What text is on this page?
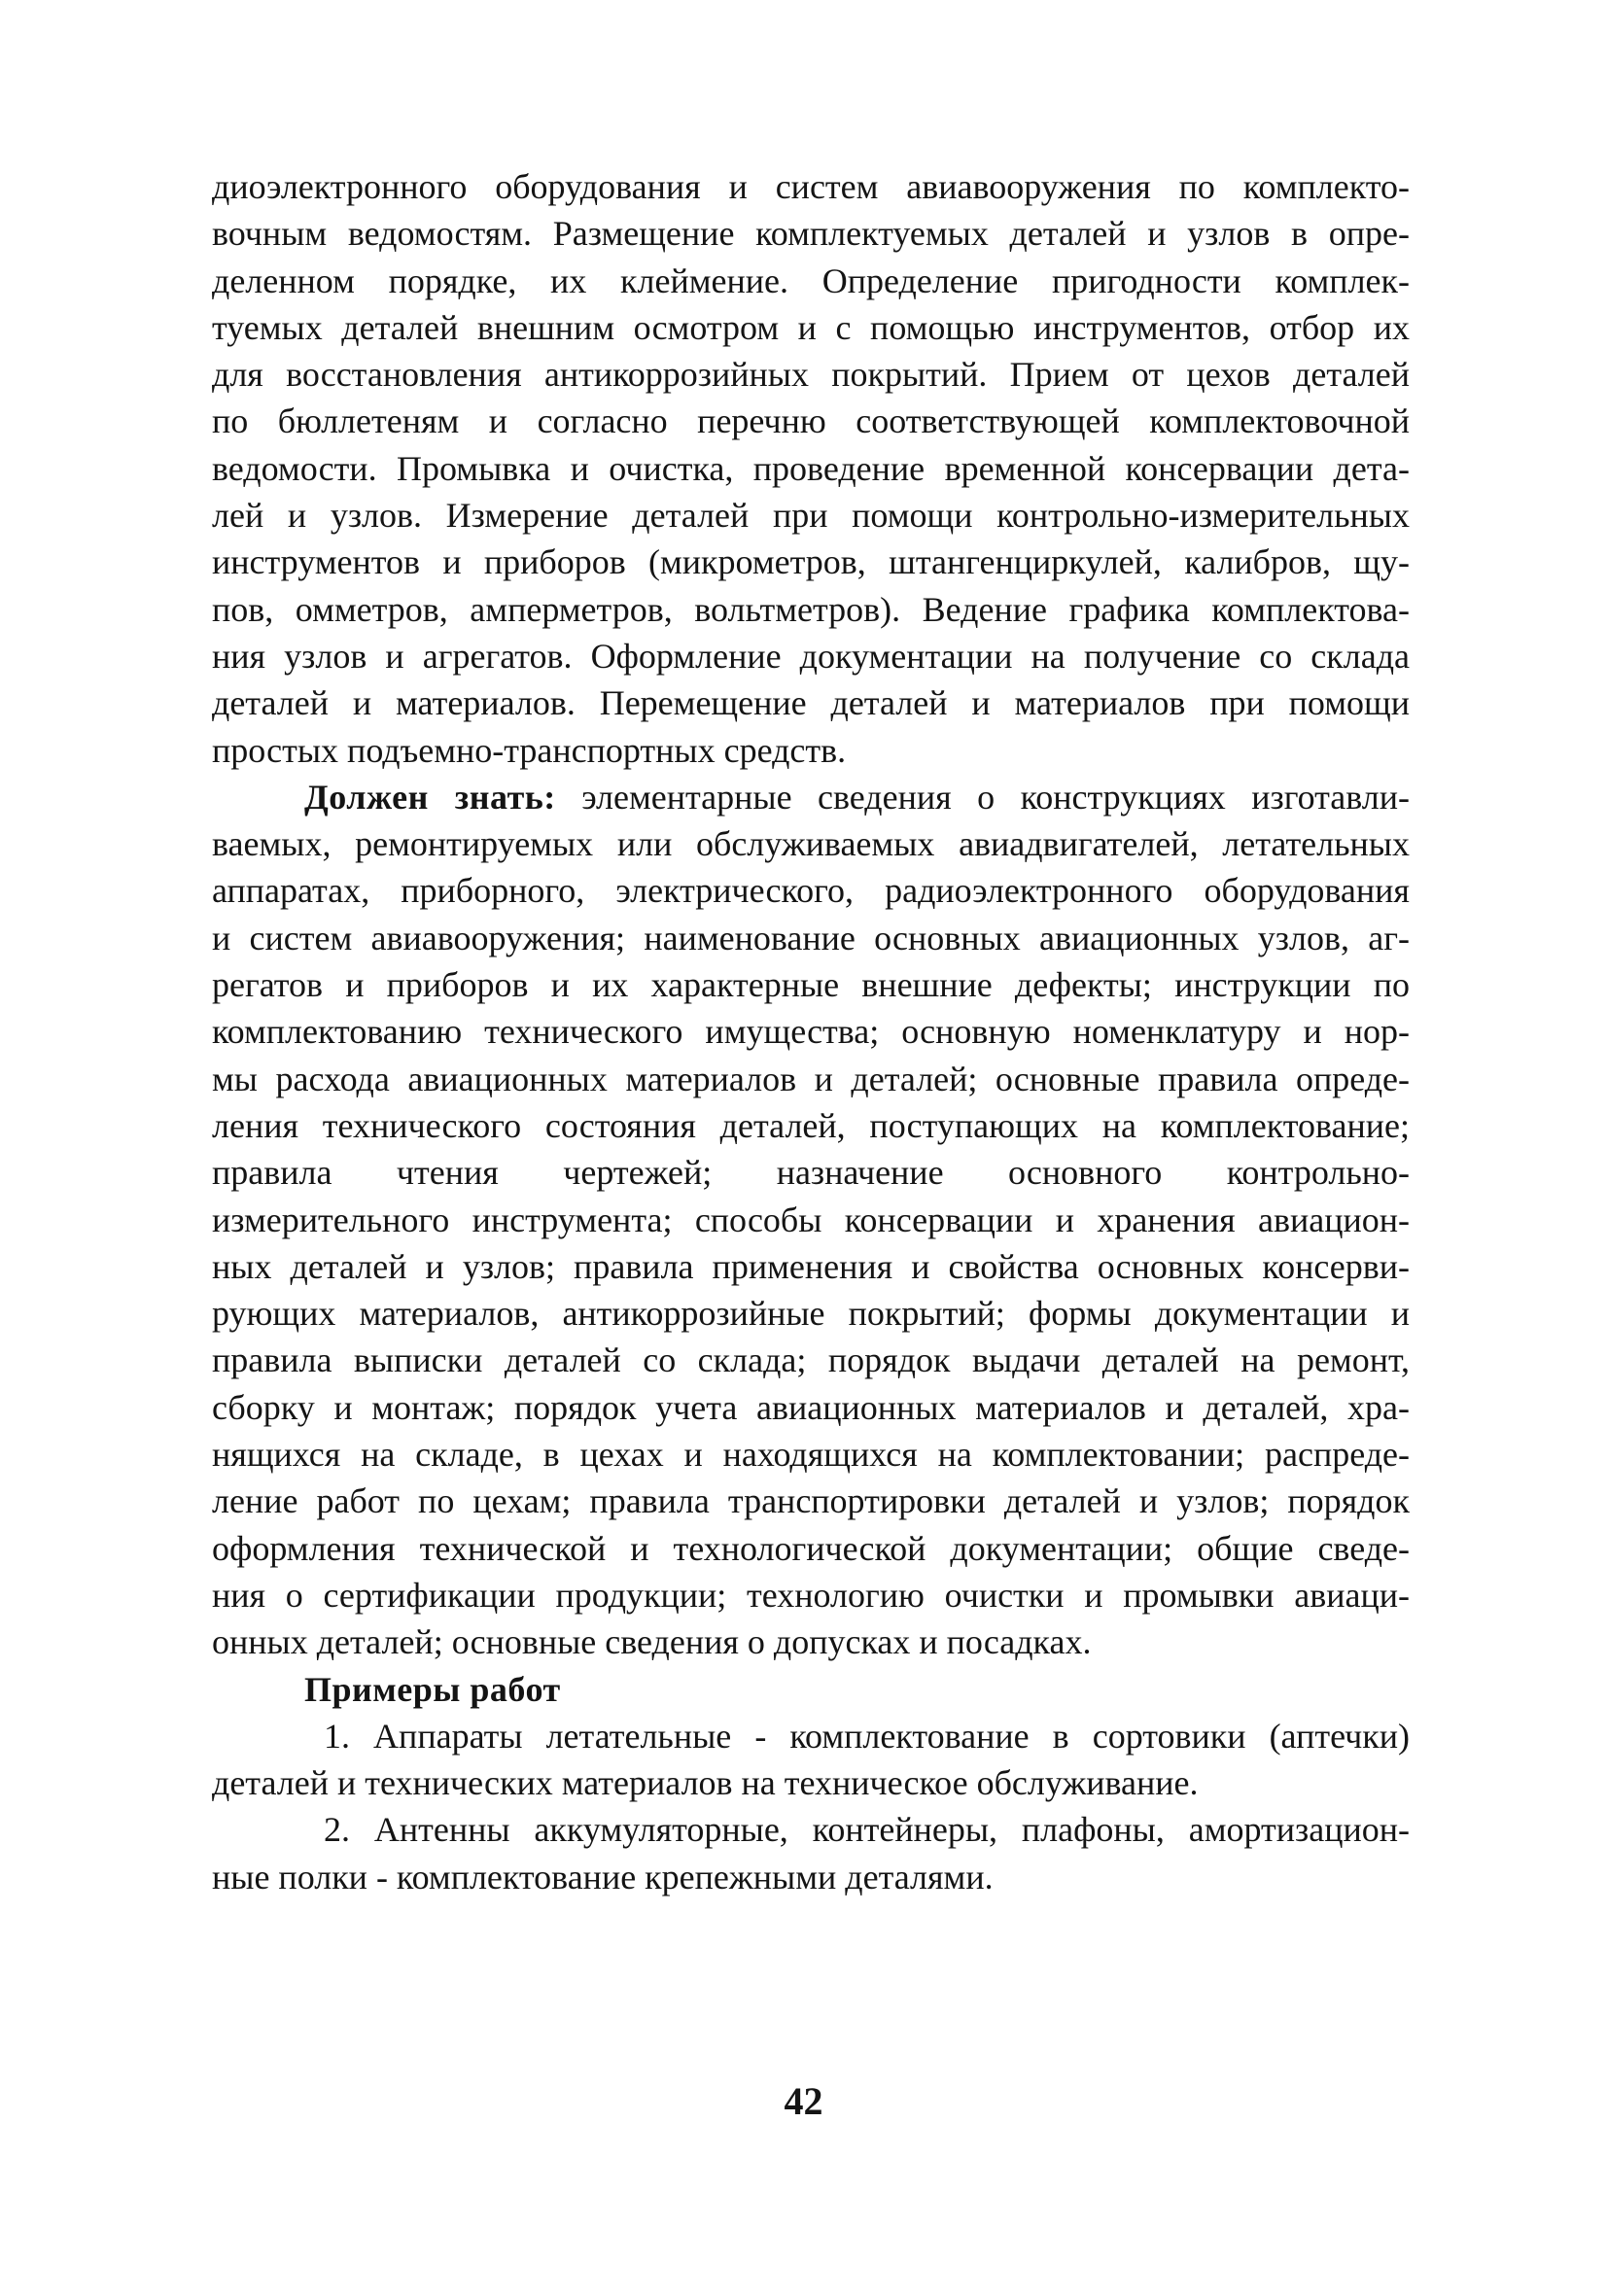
диоэлектронного оборудования и систем авиавооружения по комплекто-
вочным ведомостям. Размещение комплектуемых деталей и узлов в опре-
деленном порядке, их клеймение. Определение пригодности комплек-
туемых деталей внешним осмотром и с помощью инструментов, отбор их
для восстановления антикоррозийных покрытий. Прием от цехов деталей
по бюллетеням и согласно перечню соответствующей комплектовочной
ведомости. Промывка и очистка, проведение временной консервации дета-
лей и узлов. Измерение деталей при помощи контрольно-измерительных
инструментов и приборов (микрометров, штангенциркулей, калибров, щу-
пов, омметров, амперметров, вольтметров). Ведение графика комплектова-
ния узлов и агрегатов. Оформление документации на получение со склада
деталей и материалов. Перемещение деталей и материалов при помощи
простых подъемно-транспортных средств.
Должен знать: элементарные сведения о конструкциях изготавли-
ваемых, ремонтируемых или обслуживаемых авиадвигателей, летательных
аппаратах, приборного, электрического, радиоэлектронного оборудования
и систем авиавооружения; наименование основных авиационных узлов, аг-
регатов и приборов и их характерные внешние дефекты; инструкции по
комплектованию технического имущества; основную номенклатуру и нор-
мы расхода авиационных материалов и деталей; основные правила опреде-
ления технического состояния деталей, поступающих на комплектование;
правила чтения чертежей; назначение основного контрольно-
измерительного инструмента; способы консервации и хранения авиацион-
ных деталей и узлов; правила применения и свойства основных консерви-
рующих материалов, антикоррозийные покрытий; формы документации и
правила выписки деталей со склада; порядок выдачи деталей на ремонт,
сборку и монтаж; порядок учета авиационных материалов и деталей, хра-
нящихся на складе, в цехах и находящихся на комплектовании; распреде-
ление работ по цехам; правила транспортировки деталей и узлов; порядок
оформления технической и технологической документации; общие сведе-
ния о сертификации продукции; технологию очистки и промывки авиаци-
онных деталей; основные сведения о допусках и посадках.
Примеры работ
1. Аппараты летательные - комплектование в сортовики (аптечки)
деталей и технических материалов на техническое обслуживание.
2. Антенны аккумуляторные, контейнеры, плафоны, амортизацион-
ные полки - комплектование крепежными деталями.
42
